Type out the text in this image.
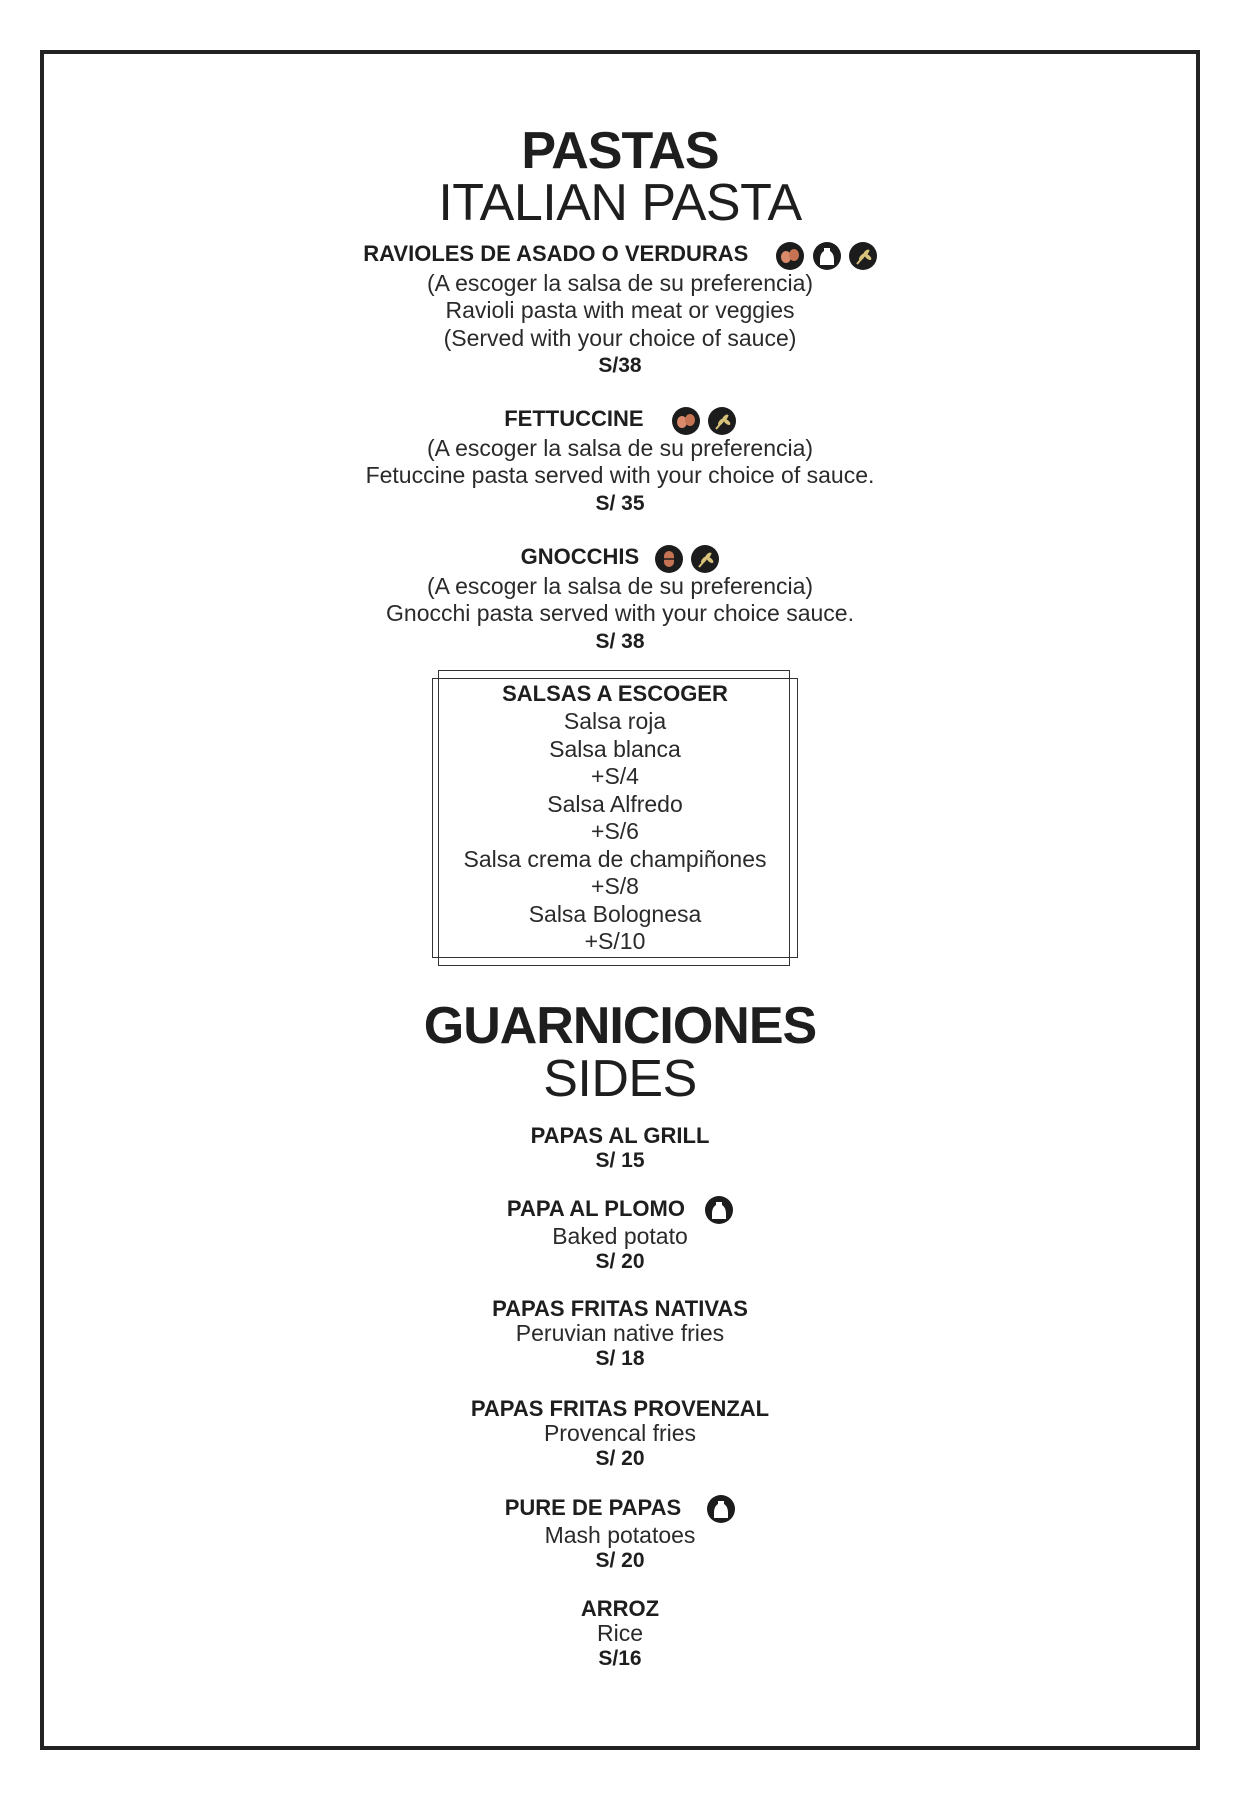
PASTAS
ITALIAN PASTA
RAVIOLES DE ASADO O VERDURAS

(A escoger la salsa de su preferencia)
Ravioli pasta with meat or veggies
(Served with your choice of sauce)
S/38
FETTUCCINE

(A escoger la salsa de su preferencia)
Fetuccine pasta served with your choice of sauce.
S/ 35
GNOCCHIS

(A escoger la salsa de su preferencia)
Gnocchi pasta served with your choice sauce.
S/ 38
SALSAS A ESCOGER
Salsa roja
Salsa blanca
+S/4
Salsa Alfredo
+S/6
Salsa crema de champiñones
+S/8
Salsa Bolognesa
+S/10
GUARNICIONES
SIDES
PAPAS AL GRILL
S/ 15
PAPA AL PLOMO
Baked potato
S/ 20
PAPAS FRITAS NATIVAS
Peruvian native fries
S/ 18
PAPAS FRITAS PROVENZAL
Provencal fries
S/ 20
PURE DE PAPAS
Mash potatoes
S/ 20
ARROZ
Rice
S/16
